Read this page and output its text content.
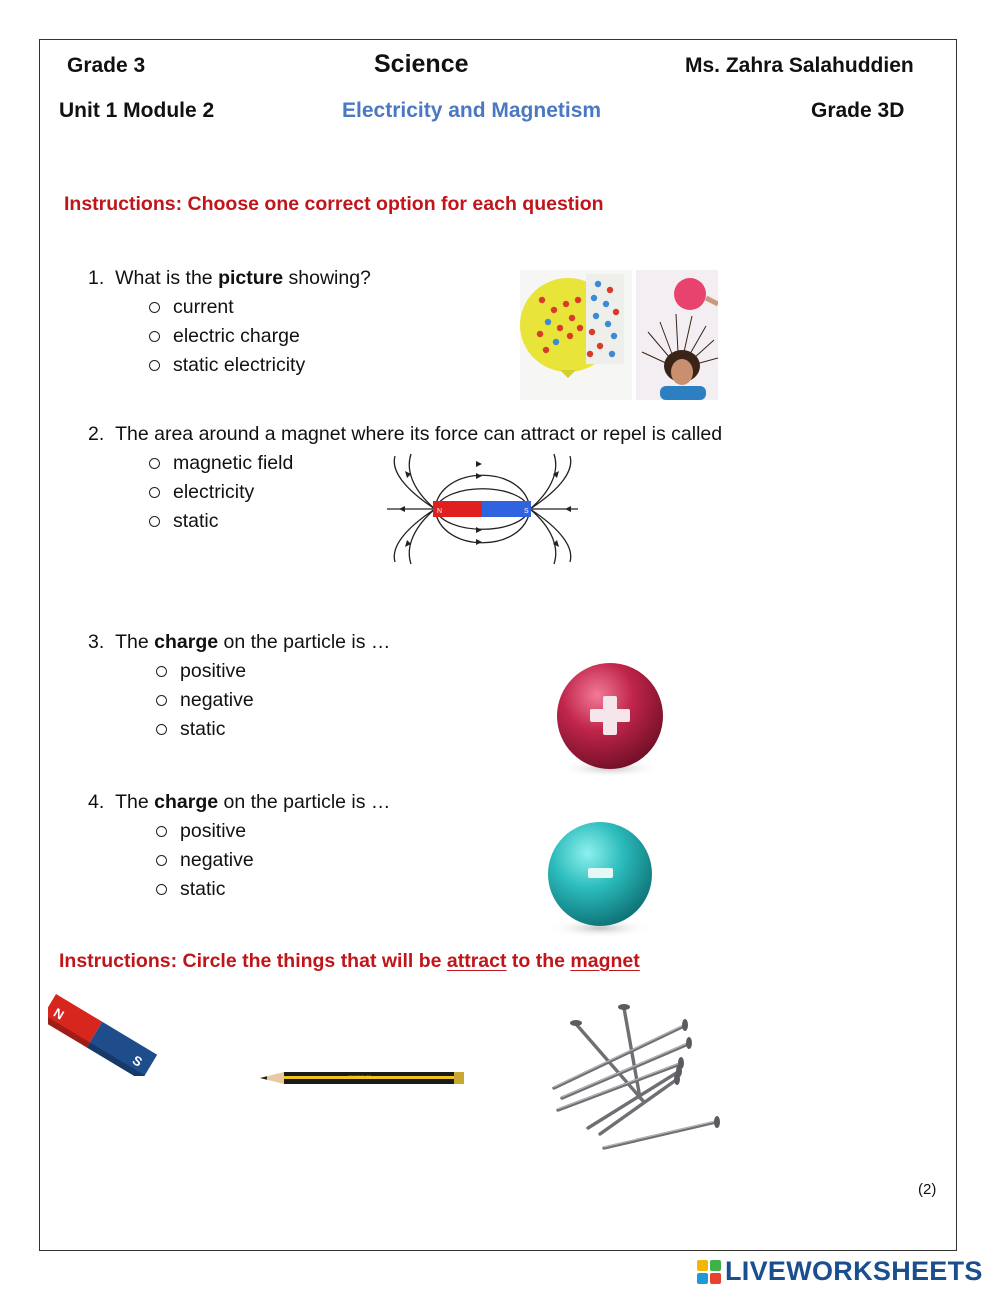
Grade 3	Science	Ms. Zahra Salahuddien
Unit 1 Module 2	Electricity and Magnetism	Grade 3D
Instructions: Choose one correct option for each question
1. What is the picture showing?
current
electric charge
static electricity
2. The area around a magnet where its force can attract or repel is called
magnetic field
electricity
static	N	S
3. The charge on the particle is …
positive
negative
static
4. The charge on the particle is …
positive
negative
static
Instructions: Circle the things that will be attract to the magnet
N
S
STAEDTLER
(2)
LIVEWORKSHEETS
